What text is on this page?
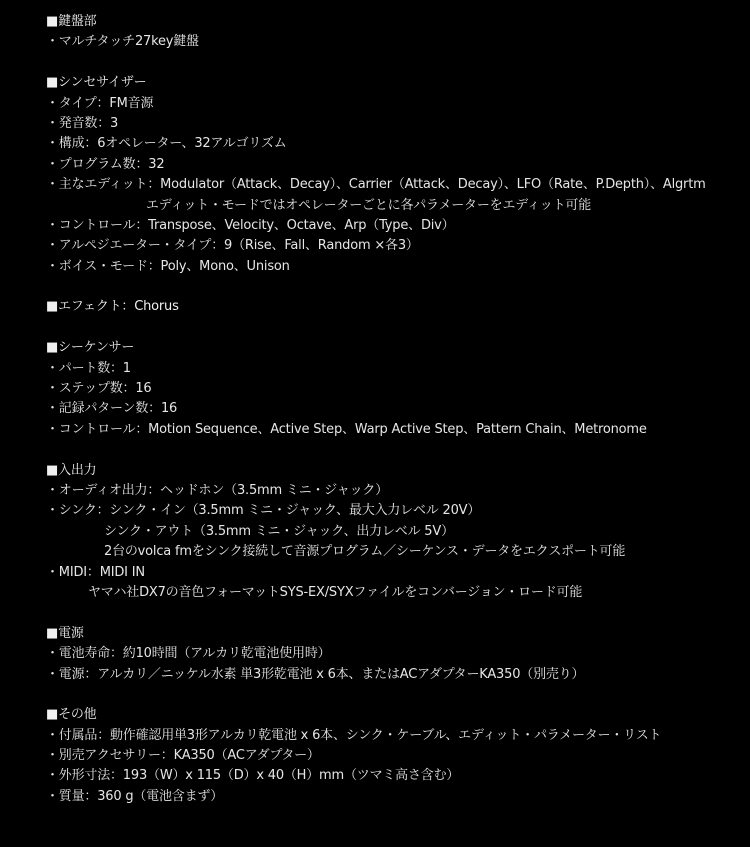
■鍵盤部
・マルチタッチ27key鍵盤
■シンセサイザー
・タイプ：FM音源
・発音数：3
・構成：6オペレーター、32アルゴリズム
・プログラム数：32
・主なエディット：Modulator（Attack、Decay）、Carrier（Attack、Decay）、LFO（Rate、P.Depth）、Algrtm
エディット・モードではオペレーターごとに各パラメーターをエディット可能
・コントロール：Transpose、Velocity、Octave、Arp（Type、Div）
・アルペジエーター・タイプ：9（Rise、Fall、Random ×各3）
・ボイス・モード：Poly、Mono、Unison
■エフェクト：Chorus
■シーケンサー
・パート数：1
・ステップ数：16
・記録パターン数：16
・コントロール：Motion Sequence、Active Step、Warp Active Step、Pattern Chain、Metronome
■入出力
・オーディオ出力：ヘッドホン（3.5mm ミニ・ジャック）
・シンク：シンク・イン（3.5mm ミニ・ジャック、最大入力レベル 20V）
シンク・アウト（3.5mm ミニ・ジャック、出力レベル 5V）
2台のvolca fmをシンク接続して音源プログラム／シーケンス・データをエクスポート可能
・MIDI：MIDI IN
ヤマハ社DX7の音色フォーマットSYS-EX/SYXファイルをコンバージョン・ロード可能
■電源
・電池寿命：約10時間（アルカリ乾電池使用時）
・電源：アルカリ／ニッケル水素 単3形乾電池 x 6本、またはACアダプターKA350（別売り）
■その他
・付属品：動作確認用単3形アルカリ乾電池 x 6本、シンク・ケーブル、エディット・パラメーター・リスト
・別売アクセサリー：KA350（ACアダプター）
・外形寸法：193（W）x 115（D）x 40（H）mm（ツマミ高さ含む）
・質量：360 g（電池含まず）
